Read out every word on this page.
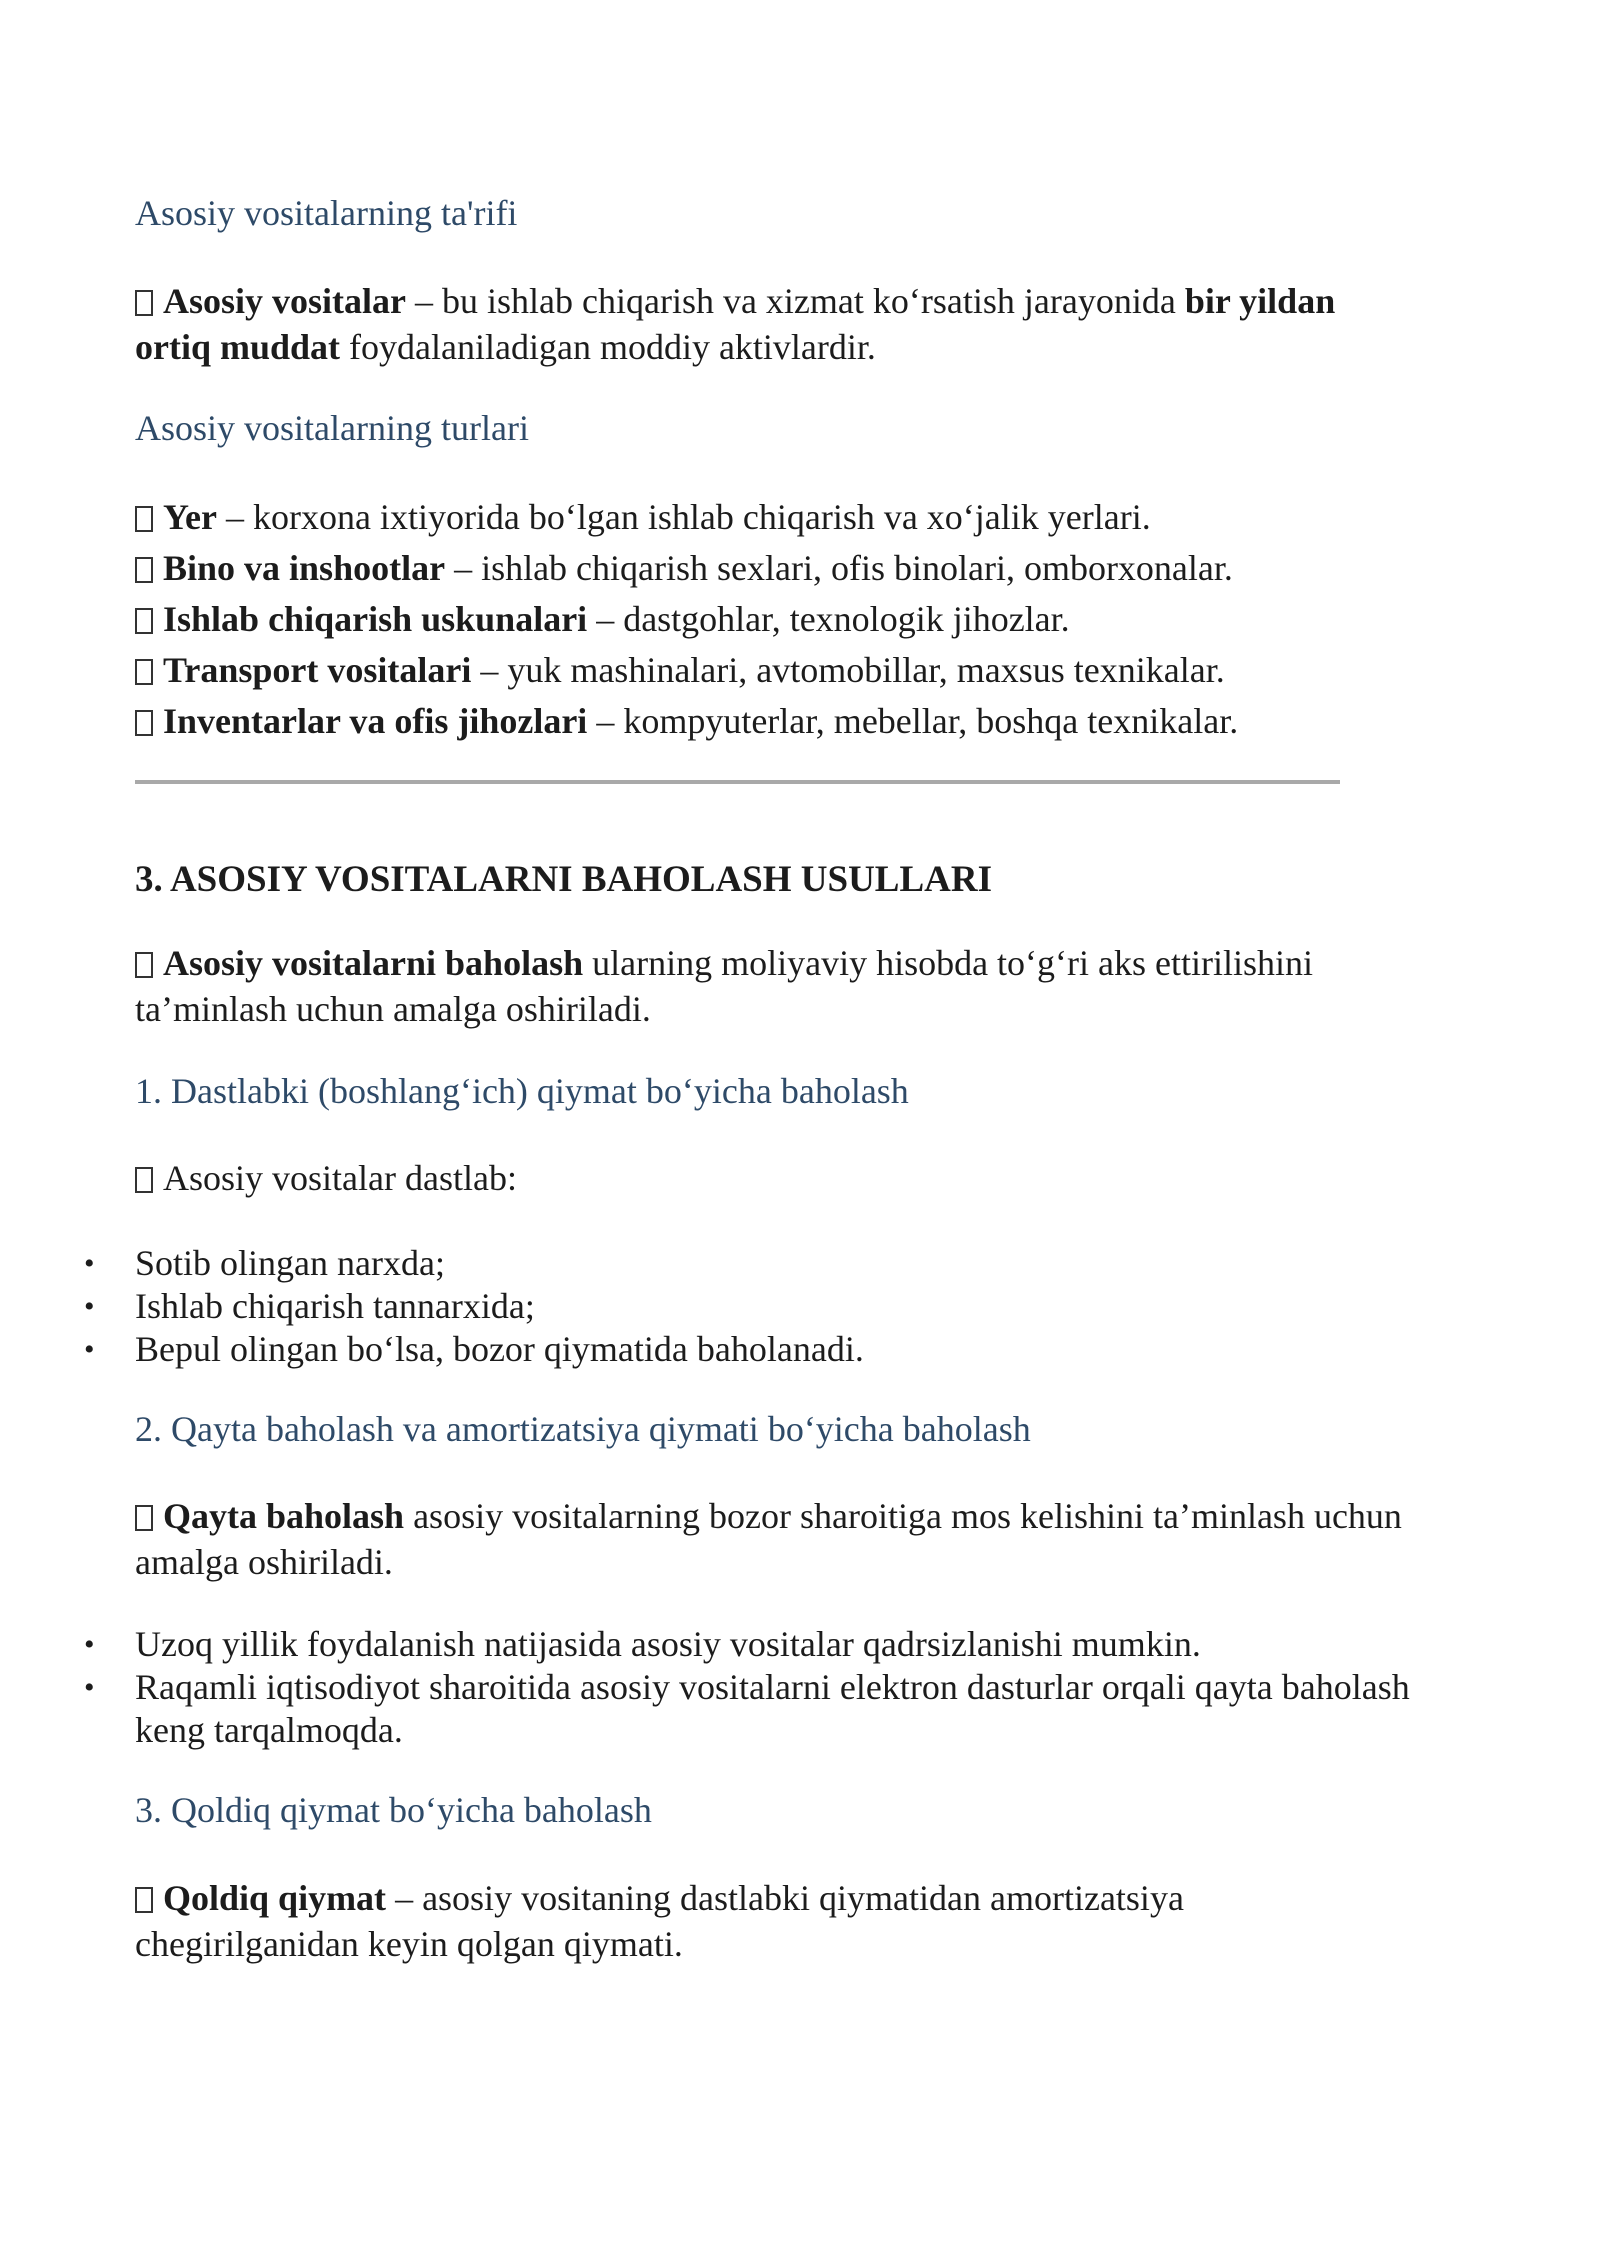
Asosiy vositalarning ta'rifi
Asosiy vositalar – bu ishlab chiqarish va xizmat ko‘rsatish jarayonida bir yildan ortiq muddat foydalaniladigan moddiy aktivlardir.
Asosiy vositalarning turlari
Yer – korxona ixtiyorida bo‘lgan ishlab chiqarish va xo‘jalik yerlari.
Bino va inshootlar – ishlab chiqarish sexlari, ofis binolari, omborxonalar.
Ishlab chiqarish uskunalari – dastgohlar, texnologik jihozlar.
Transport vositalari – yuk mashinalari, avtomobillar, maxsus texnikalar.
Inventarlar va ofis jihozlari – kompyuterlar, mebellar, boshqa texnikalar.
3. ASOSIY VOSITALARNI BAHOLASH USULLARI
Asosiy vositalarni baholash ularning moliyaviy hisobda to‘g‘ri aks ettirilishini ta’minlash uchun amalga oshiriladi.
1. Dastlabki (boshlang‘ich) qiymat bo‘yicha baholash
Asosiy vositalar dastlab:
• Sotib olingan narxda;
• Ishlab chiqarish tannarxida;
• Bepul olingan bo‘lsa, bozor qiymatida baholanadi.
2. Qayta baholash va amortizatsiya qiymati bo‘yicha baholash
Qayta baholash asosiy vositalarning bozor sharoitiga mos kelishini ta’minlash uchun amalga oshiriladi.
• Uzoq yillik foydalanish natijasida asosiy vositalar qadrsizlanishi mumkin.
• Raqamli iqtisodiyot sharoitida asosiy vositalarni elektron dasturlar orqali qayta baholash keng tarqalmoqda.
3. Qoldiq qiymat bo‘yicha baholash
Qoldiq qiymat – asosiy vositaning dastlabki qiymatidan amortizatsiya chegirilganidan keyin qolgan qiymati.
